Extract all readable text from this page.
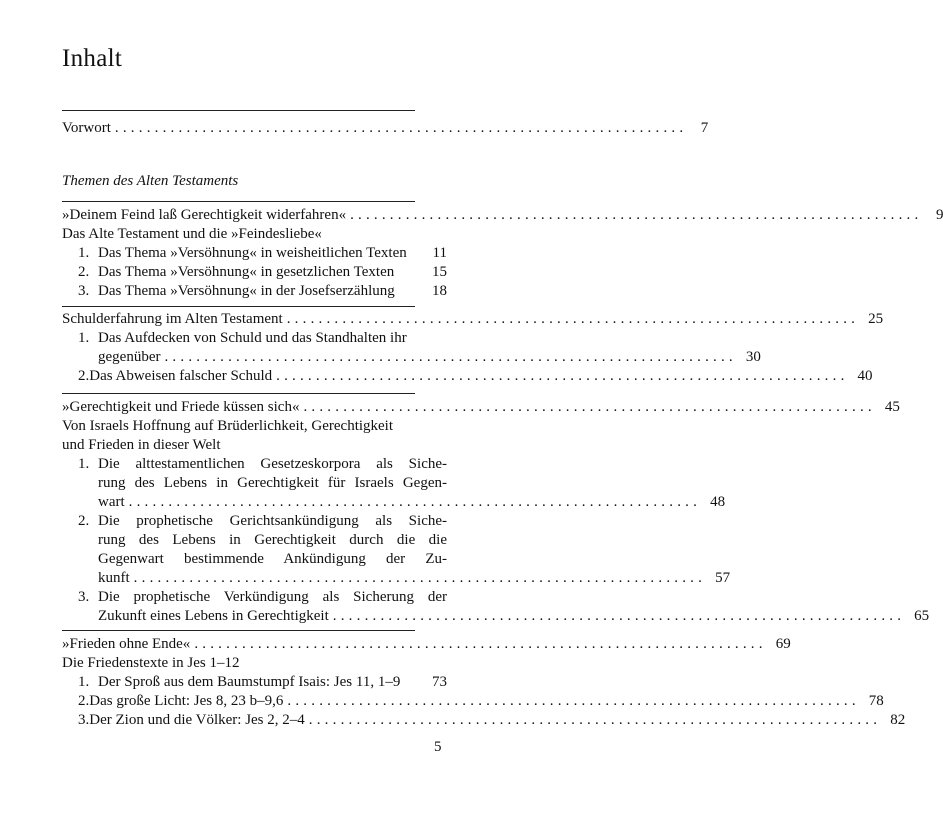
Inhalt
Vorwort ........................................................................ 7
Themen des Alten Testaments
»Deinem Feind laß Gerechtigkeit widerfahren« ........................................................................ 9
Das Alte Testament und die »Feindesliebe«
1. Das Thema »Versöhnung« in weisheitlichen Texten 11
2. Das Thema »Versöhnung« in gesetzlichen Texten	15
3. Das Thema »Versöhnung« in der Josefserzählung 18
Schulderfahrung im Alten Testament ........................................................................ 25
1. Das Aufdecken von Schuld und das Standhalten ihr
gegenüber ........................................................................ 30
2. Das Abweisen falscher Schuld ........................................................................ 40
»Gerechtigkeit und Friede küssen sich« ........................................................................ 45
Von Israels Hoffnung auf Brüderlichkeit, Gerechtigkeit
und Frieden in dieser Welt
1. Die alttestamentlichen Gesetzeskorpora als Siche-
rung des Lebens in Gerechtigkeit für Israels Gegen-
wart ........................................................................ 48
2. Die prophetische Gerichtsankündigung als Siche-
rung des Lebens in Gerechtigkeit durch die die
Gegenwart bestimmende Ankündigung der Zu-
kunft ........................................................................ 57
3. Die prophetische Verkündigung als Sicherung der
Zukunft eines Lebens in Gerechtigkeit ........................................................................ 65
»Frieden ohne Ende« ........................................................................ 69
Die Friedenstexte in Jes 1–12
1. Der Sproß aus dem Baumstumpf Isais: Jes 11, 1–9 73
2. Das große Licht: Jes 8, 23 b–9,6 ........................................................................ 78
3. Der Zion und die Völker: Jes 2, 2–4 ........................................................................ 82
5
